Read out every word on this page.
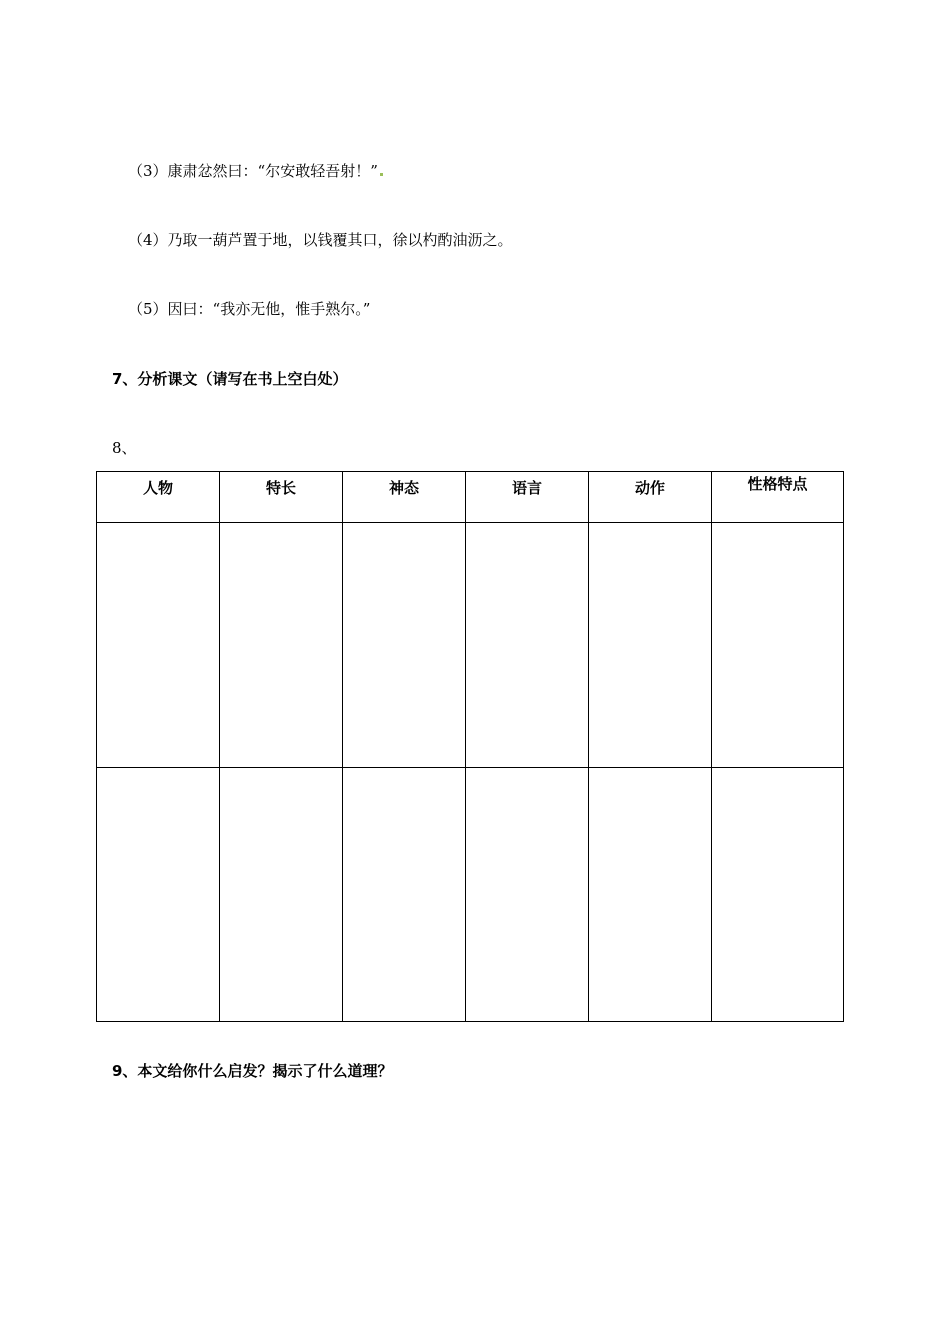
（3）康肃忿然曰：“尔安敢轻吾射！”
（4）乃取一葫芦置于地，以钱覆其口，徐以杓酌油沥之。
（5）因曰：“我亦无他，惟手熟尔。”
7、分析课文（请写在书上空白处）
8、
人物	特长	神态	语言	动作	性格特点

9、本文给你什么启发？揭示了什么道理？
